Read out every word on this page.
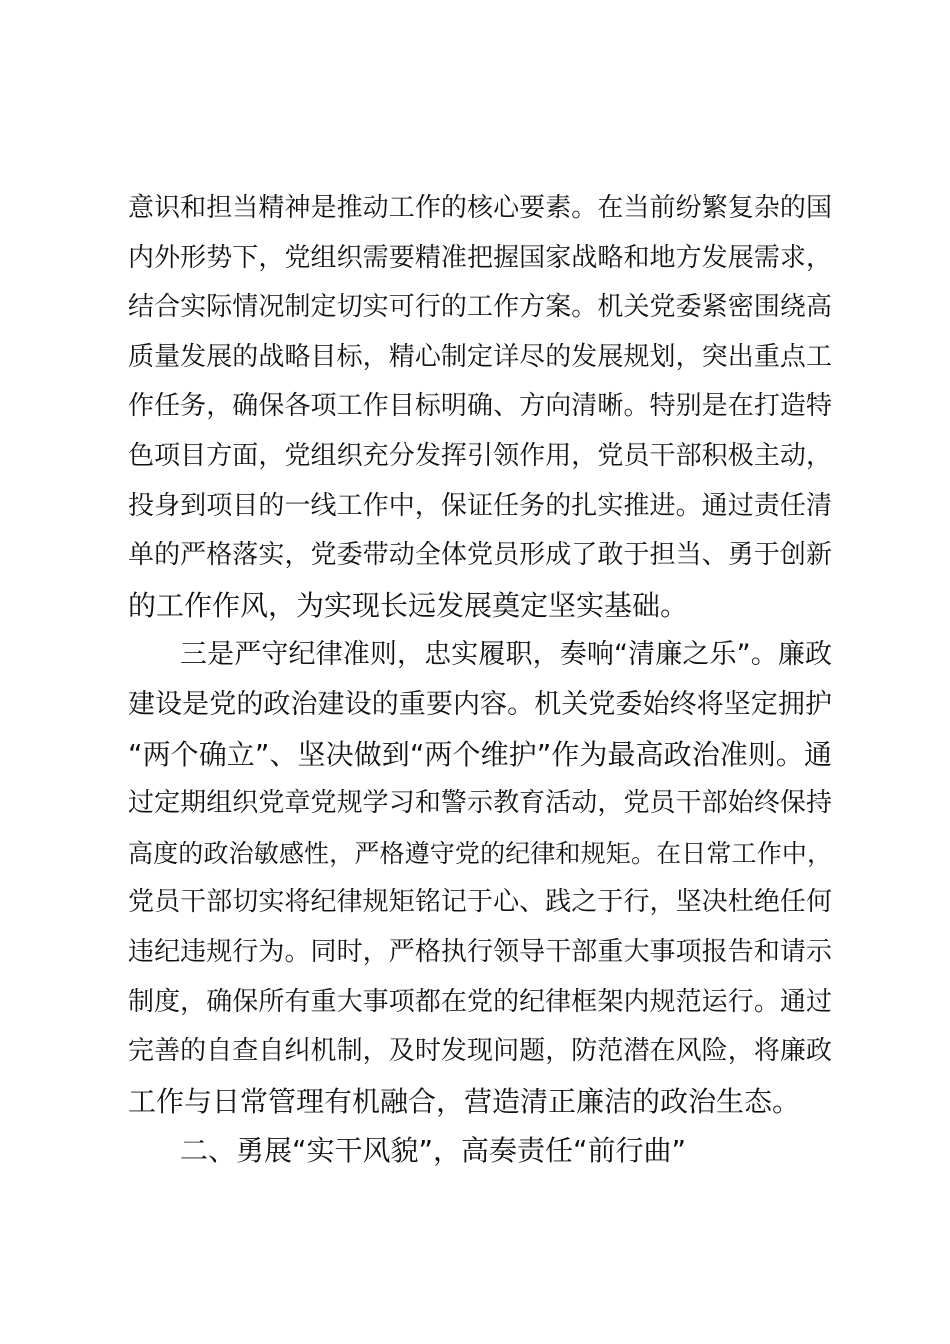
意识和担当精神是推动工作的核心要素。在当前纷繁复杂的国
内外形势下，党组织需要精准把握国家战略和地方发展需求，
结合实际情况制定切实可行的工作方案。机关党委紧密围绕高
质量发展的战略目标，精心制定详尽的发展规划，突出重点工
作任务，确保各项工作目标明确、方向清晰。特别是在打造特
色项目方面，党组织充分发挥引领作用，党员干部积极主动，
投身到项目的一线工作中，保证任务的扎实推进。通过责任清
单的严格落实，党委带动全体党员形成了敢于担当、勇于创新
的工作作风，为实现长远发展奠定坚实基础。
三是严守纪律准则，忠实履职，奏响“清廉之乐”。廉政
建设是党的政治建设的重要内容。机关党委始终将坚定拥护
“两个确立”、坚决做到“两个维护”作为最高政治准则。通
过定期组织党章党规学习和警示教育活动，党员干部始终保持
高度的政治敏感性，严格遵守党的纪律和规矩。在日常工作中，
党员干部切实将纪律规矩铭记于心、践之于行，坚决杜绝任何
违纪违规行为。同时，严格执行领导干部重大事项报告和请示
制度，确保所有重大事项都在党的纪律框架内规范运行。通过
完善的自查自纠机制，及时发现问题，防范潜在风险，将廉政
工作与日常管理有机融合，营造清正廉洁的政治生态。
二、勇展“实干风貌”，高奏责任“前行曲”
